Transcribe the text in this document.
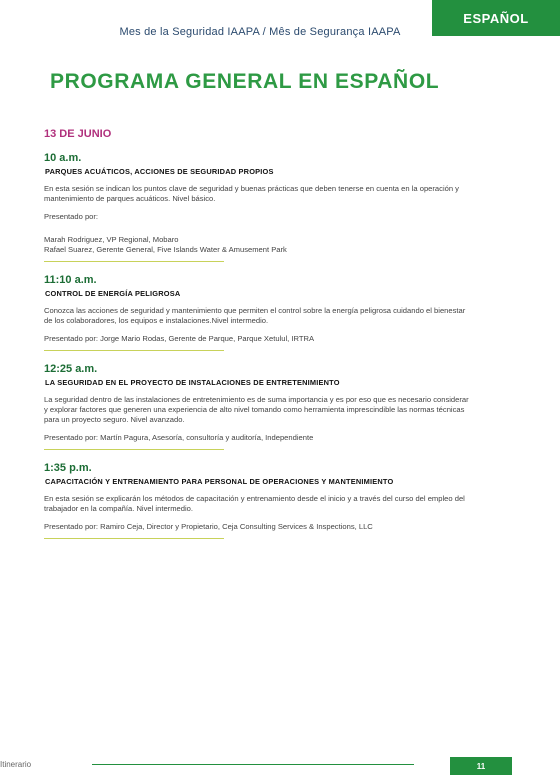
Mes de la Seguridad IAAPA / Mês de Segurança IAAPA
ESPAÑOL
PROGRAMA GENERAL EN ESPAÑOL
13 DE JUNIO
10 a.m.
PARQUES ACUÁTICOS, ACCIONES DE SEGURIDAD PROPIOS
En esta sesión se indican los puntos clave de seguridad y buenas prácticas que deben tenerse en cuenta en la operación y mantenimiento de parques acuáticos. Nivel básico.
Presentado por:
Marah Rodriguez, VP Regional, Mobaro
Rafael Suarez, Gerente General, Five Islands Water & Amusement Park
11:10 a.m.
CONTROL DE ENERGÍA PELIGROSA
Conozca las acciones de seguridad y mantenimiento que permiten el control sobre la energía peligrosa cuidando el bienestar de los colaboradores, los equipos e instalaciones.Nivel intermedio.
Presentado por: Jorge Mario Rodas, Gerente de Parque, Parque Xetulul, IRTRA
12:25 a.m.
LA SEGURIDAD EN EL PROYECTO DE INSTALACIONES DE ENTRETENIMIENTO
La seguridad dentro de las instalaciones de entretenimiento es de suma importancia y es por eso que es necesario considerar y explorar factores que generen una experiencia de alto nivel tomando como herramienta imprescindible las normas técnicas para un proyecto seguro. Nivel avanzado.
Presentado por: Martín Pagura, Asesoría, consultoría y auditoría, Independiente
1:35 p.m.
CAPACITACIÓN Y ENTRENAMIENTO PARA PERSONAL DE OPERACIONES Y MANTENIMIENTO
En esta sesión se explicarán los métodos de capacitación y entrenamiento desde el inicio y a través del curso del empleo del trabajador en la compañía. Nivel intermedio.
Presentado por: Ramiro Ceja, Director y Propietario, Ceja Consulting Services & Inspections, LLC
Itinerario	11
